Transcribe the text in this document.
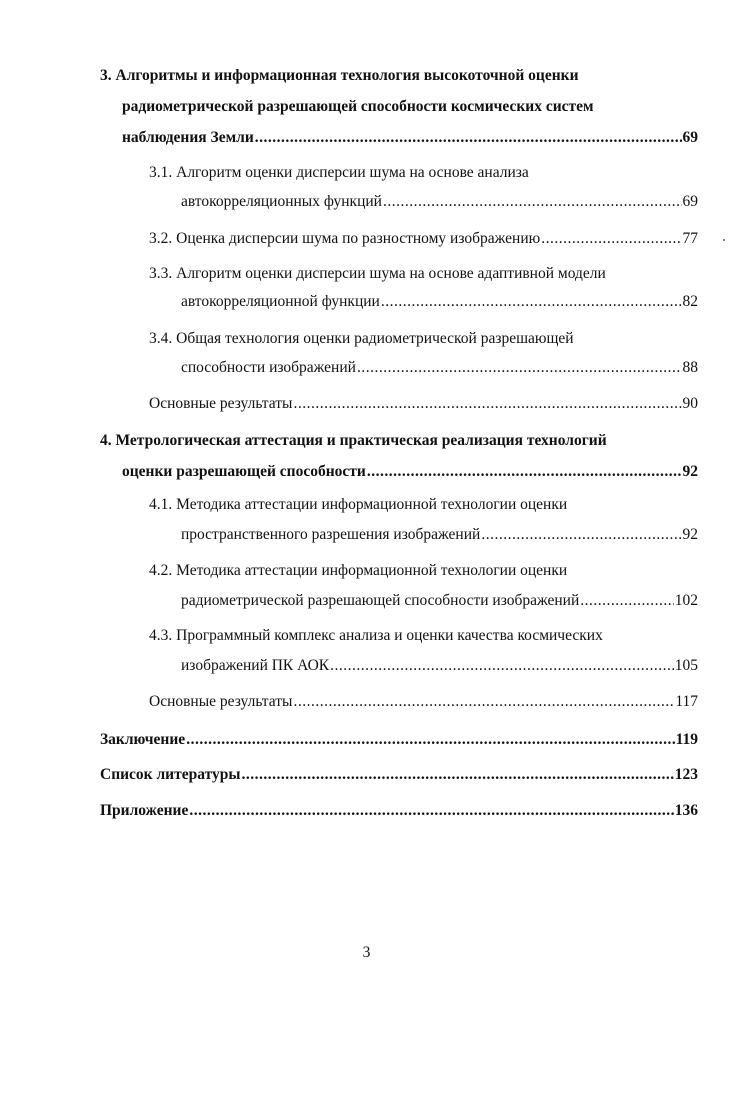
3. Алгоритмы и информационная технология высокоточной оценки
радиометрической разрешающей способности космических систем
наблюдения Земли .....	69
3.1. Алгоритм оценки дисперсии шума на основе анализа
автокорреляционных функций .....	69
3.2. Оценка дисперсии шума по разностному изображению .....	77
3.3. Алгоритм оценки дисперсии шума на основе адаптивной модели
автокорреляционной функции .....	82
3.4. Общая технология оценки радиометрической разрешающей
способности изображений .....	88
Основные результаты .....	90
4. Метрологическая аттестация и практическая реализация технологий
оценки разрешающей способности .....	92
4.1. Методика аттестации информационной технологии оценки
пространственного разрешения изображений .....	92
4.2. Методика аттестации информационной технологии оценки
радиометрической разрешающей способности изображений .....	102
4.3. Программный комплекс анализа и оценки качества космических
изображений ПК АОК .....	105
Основные результаты .....	117
Заключение .....	119
Список литературы .....	123
Приложение .....	136
3
